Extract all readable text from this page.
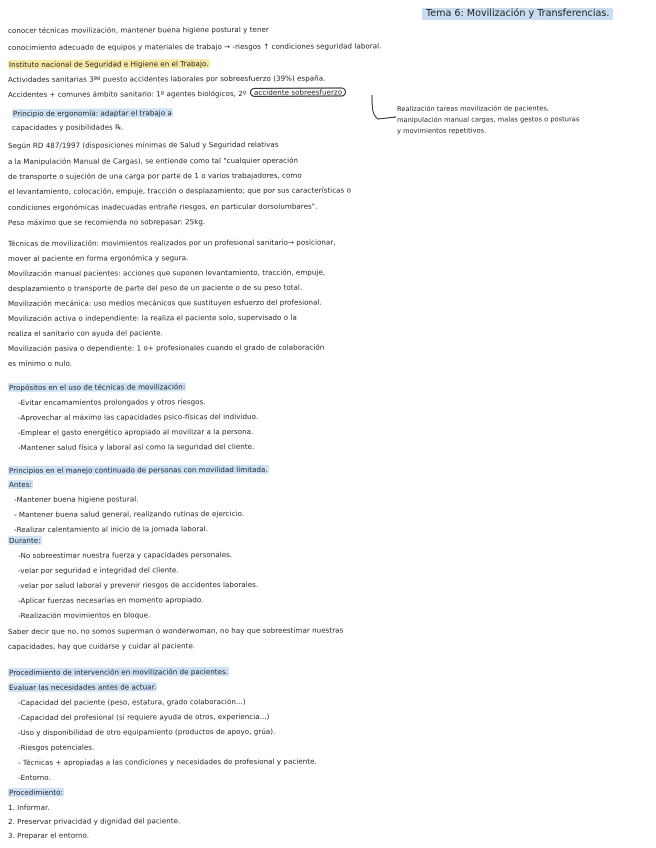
Tema 6: Movilización y Transferencias.
conocer técnicas movilización, mantener buena higiene postural y tener
conocimiento adecuado de equipos y materiales de trabajo → -riesgos ↑ condiciones seguridad laboral.
Instituto nacional de Seguridad e Higiene en el Trabajo.
Actividades sanitarias 3ªº puesto accidentes laborales por sobreesfuerzo (39%) españa.
Accidentes + comunes ámbito sanitario: 1º agentes biológicos, 2º	accidente sobreesfuerzo
Principio de ergonomía: adaptar el trabajo a
capacidades y posibilidades ℞.
Realización tareas movilización de pacientes,
manipulación manual cargas, malas gestos o posturas
y movimientos repetitivos.
Según RD 487/1997 (disposiciones mínimas de Salud y Seguridad relativas
a la Manipulación Manual de Cargas), se entiende como tal "cualquier operación
de transporte o sujeción de una carga por parte de 1 o varios trabajadores, como
el levantamiento, colocación, empuje, tracción o desplazamiento; que por sus características o
condiciones ergonómicas inadecuadas entrañe riesgos, en particular dorsolumbares".
Peso máximo que se recomienda no sobrepasar: 25kg.
Técnicas de movilización: movimientos realizados por un profesional sanitario→ posicionar,
mover al paciente en forma ergonómica y segura.
Movilización manual pacientes: acciones que suponen levantamiento, tracción, empuje,
desplazamiento o transporte de parte del peso de un paciente o de su peso total.
Movilización mecánica: uso medios mecánicos que sustituyen esfuerzo del profesional.
Movilización activa o independiente: la realiza el paciente solo, supervisado o la
realiza el sanitario con ayuda del paciente.
Movilización pasiva o dependiente: 1 o+ profesionales cuando el grado de colaboración
es mínimo o nulo.
Propósitos en el uso de técnicas de movilización:
-Evitar encamamientos prolongados y otros riesgos.
-Aprovechar al máximo las capacidades psico-físicas del individuo.
-Emplear el gasto energético apropiado al movilizar a la persona.
-Mantener salud física y laboral así como la seguridad del cliente.
Principios en el manejo continuado de personas con movilidad limitada.
Antes:
-Mantener buena higiene postural.
- Mantener buena salud general, realizando rutinas de ejercicio.
-Realizar calentamiento al inicio de la jornada laboral.
Durante:
-No sobreestimar nuestra fuerza y capacidades personales.
-velar por seguridad e integridad del cliente.
-velar por salud laboral y prevenir riesgos de accidentes laborales.
-Aplicar fuerzas necesarias en momento apropiado.
-Realización movimientos en bloque.
Saber decir que no, no somos superman o wonderwoman, no hay que sobreestimar nuestras
capacidades, hay que cuidarse y cuidar al paciente.
Procedimiento de intervención en movilización de pacientes.
Evaluar las necesidades antes de actuar.
-Capacidad del paciente (peso, estatura, grado colaboración...)
-Capacidad del profesional (si requiere ayuda de otros, experiencia...)
-Uso y disponibilidad de otro equipamiento (productos de apoyo, grúa).
-Riesgos potenciales.
- Técnicas + apropiadas a las condiciones y necesidades de profesional y paciente.
-Entorno.
Procedimiento:
1. Informar.
2. Preservar privacidad y dignidad del paciente.
3. Preparar el entorno.
